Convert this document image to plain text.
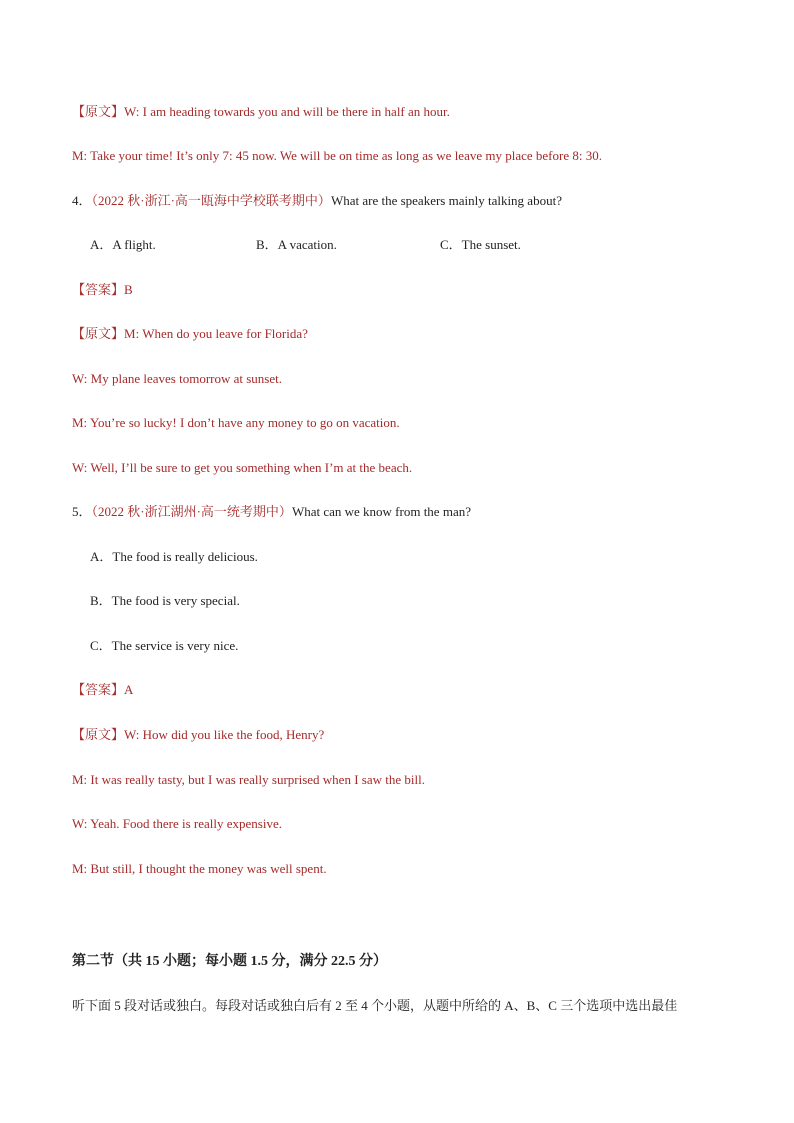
【原文】W: I am heading towards you and will be there in half an hour.
M: Take your time! It’s only 7: 45 now. We will be on time as long as we leave my place before 8: 30.
4．（2022 秋·浙江·高一瓯海中学校联考期中）What are the speakers mainly talking about?
A．A flight.	B．A vacation.	C．The sunset.
【答案】B
【原文】M: When do you leave for Florida?
W: My plane leaves tomorrow at sunset.
M: You’re so lucky! I don’t have any money to go on vacation.
W: Well, I’ll be sure to get you something when I’m at the beach.
5．（2022 秋·浙江湖州·高一统考期中）What can we know from the man?
A．The food is really delicious.
B．The food is very special.
C．The service is very nice.
【答案】A
【原文】W: How did you like the food, Henry?
M: It was really tasty, but I was really surprised when I saw the bill.
W: Yeah. Food there is really expensive.
M: But still, I thought the money was well spent.
第二节（共 15 小题；每小题 1.5 分，满分 22.5 分）
听下面 5 段对话或独白。每段对话或独白后有 2 至 4 个小题，从题中所给的 A、B、C 三个选项中选出最佳
